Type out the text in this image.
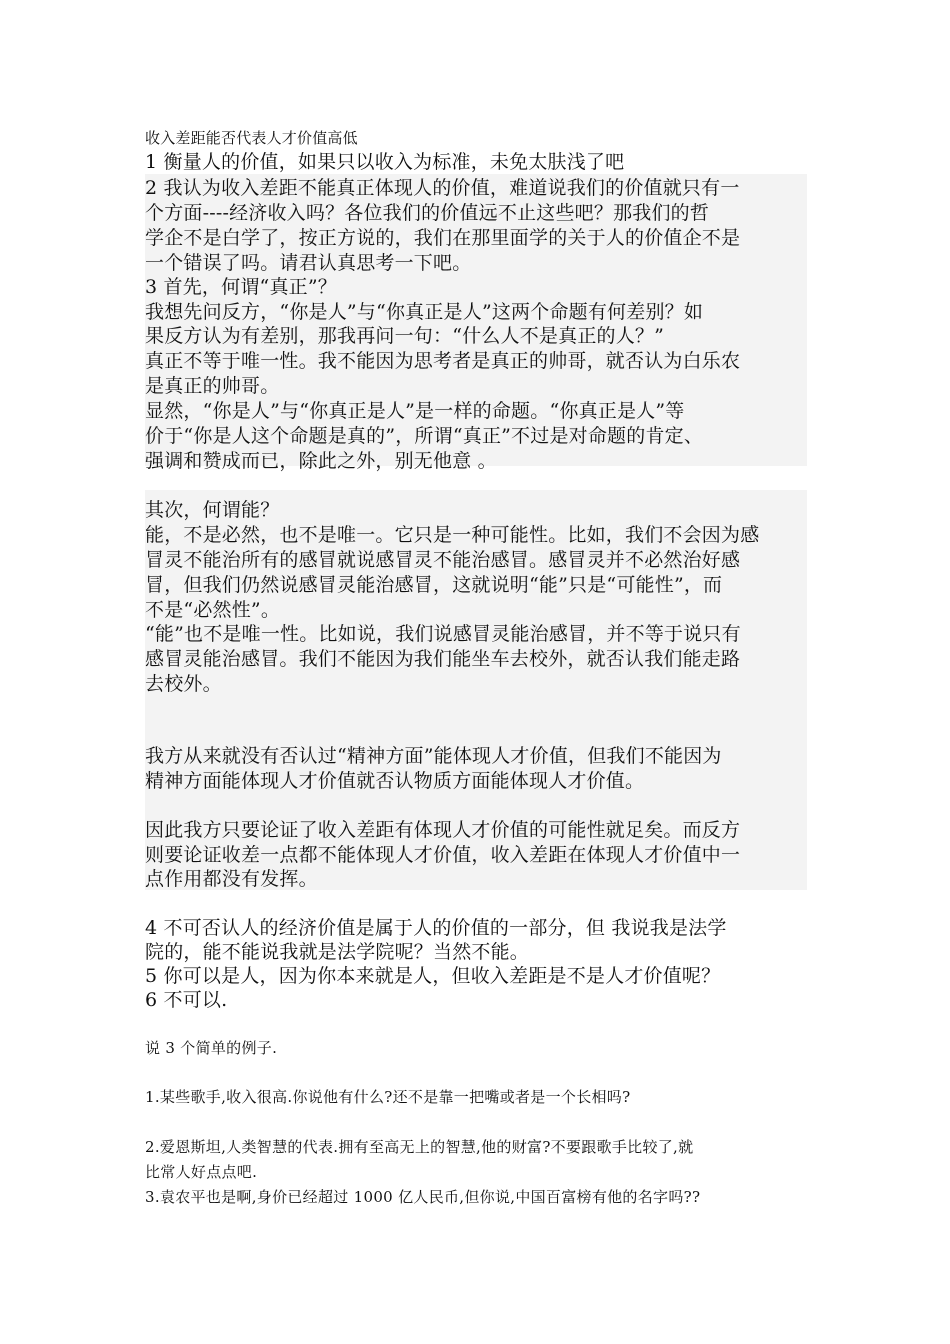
收入差距能否代表人才价值高低
1 衡量人的价值，如果只以收入为标准，未免太肤浅了吧
2 我认为收入差距不能真正体现人的价值，难道说我们的价值就只有一
个方面----经济收入吗？各位我们的价值远不止这些吧？那我们的哲
学企不是白学了，按正方说的，我们在那里面学的关于人的价值企不是
一个错误了吗。请君认真思考一下吧。
3 首先，何谓“真正”？
我想先问反方，“你是人”与“你真正是人”这两个命题有何差别？如
果反方认为有差别，那我再问一句：“什么人不是真正的人？”
真正不等于唯一性。我不能因为思考者是真正的帅哥，就否认为白乐农
是真正的帅哥。
显然，“你是人”与“你真正是人”是一样的命题。“你真正是人”等
价于“你是人这个命题是真的”，所谓“真正”不过是对命题的肯定、
强调和赞成而已，除此之外，别无他意 。
其次，何谓能？
能，不是必然，也不是唯一。它只是一种可能性。比如，我们不会因为感
冒灵不能治所有的感冒就说感冒灵不能治感冒。感冒灵并不必然治好感
冒，但我们仍然说感冒灵能治感冒，这就说明“能”只是“可能性”，而
不是“必然性”。
“能”也不是唯一性。比如说，我们说感冒灵能治感冒，并不等于说只有
感冒灵能治感冒。我们不能因为我们能坐车去校外，就否认我们能走路
去校外。
我方从来就没有否认过“精神方面”能体现人才价值，但我们不能因为
精神方面能体现人才价值就否认物质方面能体现人才价值。
因此我方只要论证了收入差距有体现人才价值的可能性就足矣。而反方
则要论证收差一点都不能体现人才价值，收入差距在体现人才价值中一
点作用都没有发挥。
4 不可否认人的经济价值是属于人的价值的一部分，但 我说我是法学
院的，能不能说我就是法学院呢？当然不能。
5 你可以是人，因为你本来就是人，但收入差距是不是人才价值呢？
6 不可以.
说 3 个简单的例子.
1.某些歌手,收入很高.你说他有什么?还不是靠一把嘴或者是一个长相吗?
2.爱恩斯坦,人类智慧的代表.拥有至高无上的智慧,他的财富?不要跟歌手比较了,就
比常人好点点吧.
3.袁农平也是啊,身价已经超过 1000 亿人民币,但你说,中国百富榜有他的名字吗??
